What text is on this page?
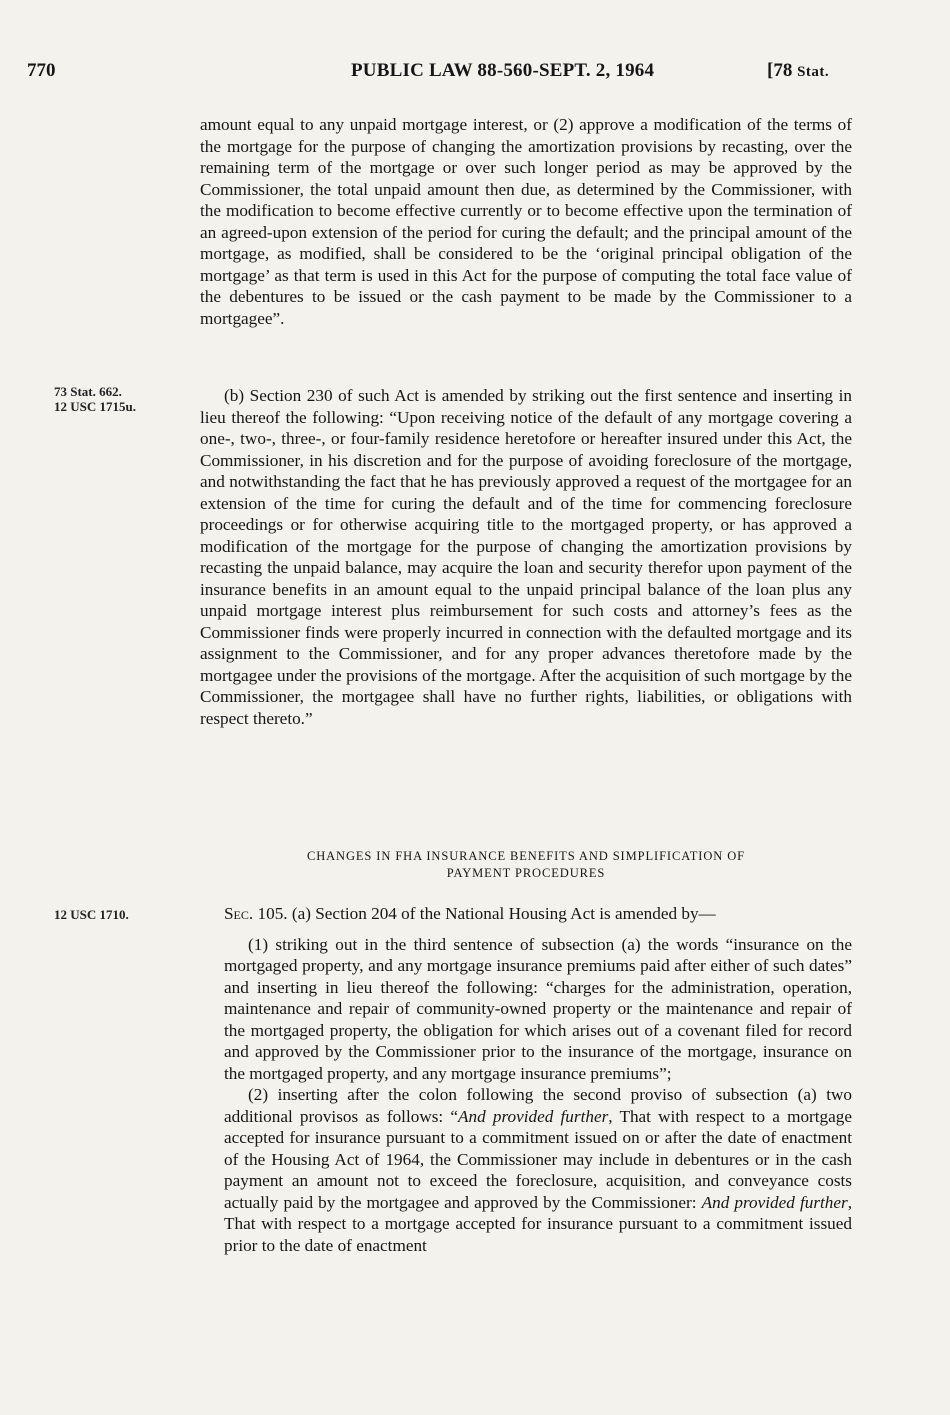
770	PUBLIC LAW 88-560-SEPT. 2, 1964	[78 Stat.
73 Stat. 662.
12 USC 1715u.
12 USC 1710.

amount equal to any unpaid mortgage interest, or (2) approve a modification of the terms of the mortgage for the purpose of changing the amortization provisions by recasting, over the remaining term of the mortgage or over such longer period as may be approved by the Commissioner, the total unpaid amount then due, as determined by the Commissioner, with the modification to become effective currently or to become effective upon the termination of an agreed-upon extension of the period for curing the default; and the principal amount of the mortgage, as modified, shall be considered to be the ‘original principal obligation of the mortgage’ as that term is used in this Act for the purpose of computing the total face value of the debentures to be issued or the cash payment to be made by the Commissioner to a mortgagee”.

(b) Section 230 of such Act is amended by striking out the first sentence and inserting in lieu thereof the following: “Upon receiving notice of the default of any mortgage covering a one-, two-, three-, or four-family residence heretofore or hereafter insured under this Act, the Commissioner, in his discretion and for the purpose of avoiding foreclosure of the mortgage, and notwithstanding the fact that he has previously approved a request of the mortgagee for an extension of the time for curing the default and of the time for commencing foreclosure proceedings or for otherwise acquiring title to the mortgaged property, or has approved a modification of the mortgage for the purpose of changing the amortization provisions by recasting the unpaid balance, may acquire the loan and security therefor upon payment of the insurance benefits in an amount equal to the unpaid principal balance of the loan plus any unpaid mortgage interest plus reimbursement for such costs and attorney’s fees as the Commissioner finds were properly incurred in connection with the defaulted mortgage and its assignment to the Commissioner, and for any proper advances theretofore made by the mortgagee under the provisions of the mortgage. After the acquisition of such mortgage by the Commissioner, the mortgagee shall have no further rights, liabilities, or obligations with respect thereto.”

CHANGES IN FHA INSURANCE BENEFITS AND SIMPLIFICATION OF
PAYMENT PROCEDURES

Sec. 105. (a) Section 204 of the National Housing Act is amended by—

(1) striking out in the third sentence of subsection (a) the words “insurance on the mortgaged property, and any mortgage insurance premiums paid after either of such dates” and inserting in lieu thereof the following: “charges for the administration, operation, maintenance and repair of community-owned property or the maintenance and repair of the mortgaged property, the obligation for which arises out of a covenant filed for record and approved by the Commissioner prior to the insurance of the mortgage, insurance on the mortgaged property, and any mortgage insurance premiums”;

(2) inserting after the colon following the second proviso of subsection (a) two additional provisos as follows: “And provided further, That with respect to a mortgage accepted for insurance pursuant to a commitment issued on or after the date of enactment of the Housing Act of 1964, the Commissioner may include in debentures or in the cash payment an amount not to exceed the foreclosure, acquisition, and conveyance costs actually paid by the mortgagee and approved by the Commissioner: And provided further, That with respect to a mortgage accepted for insurance pursuant to a commitment issued prior to the date of enactment
